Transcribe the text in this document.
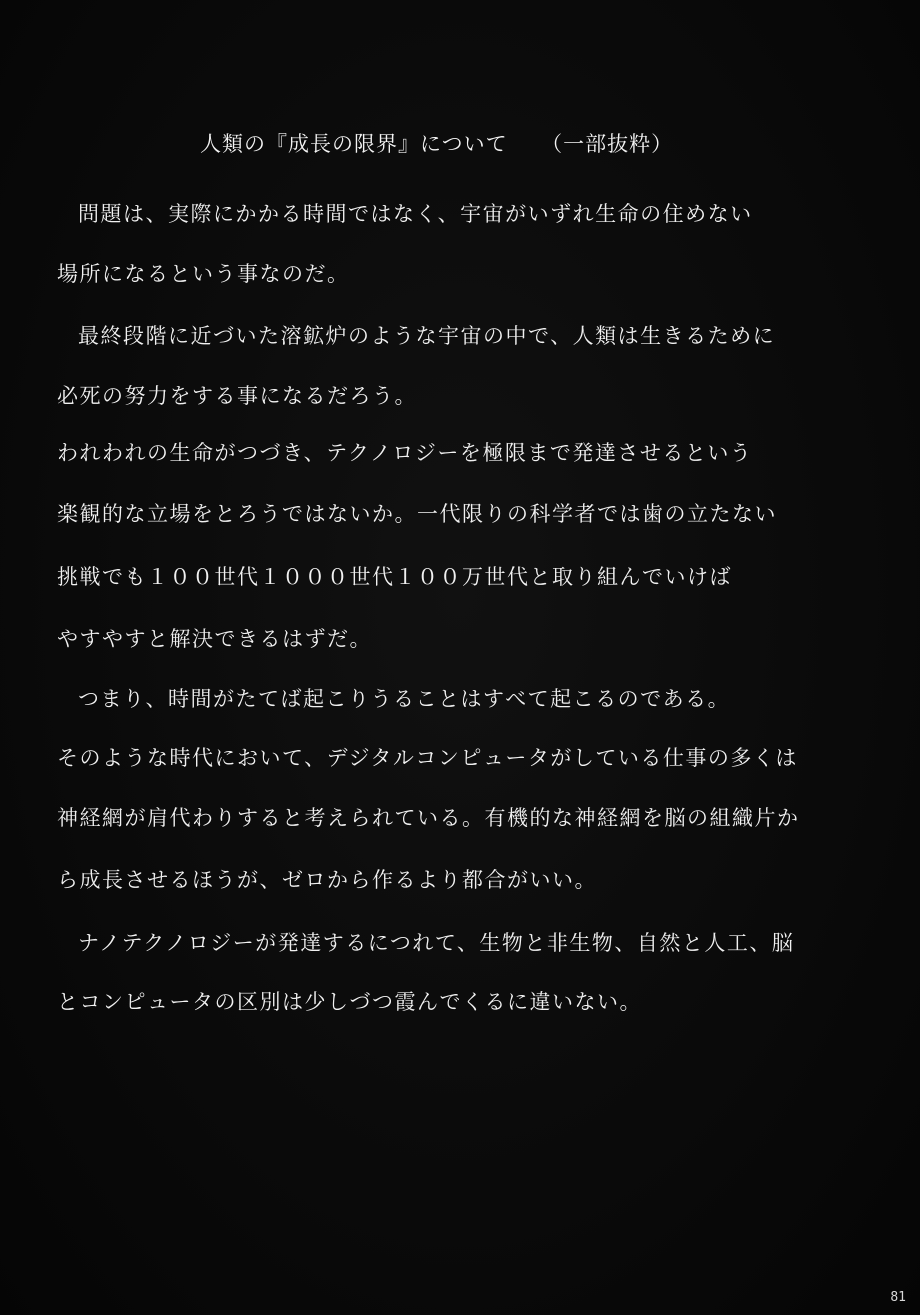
人類の『成長の限界』について　　（一部抜粋）
問題は、実際にかかる時間ではなく、宇宙がいずれ生命の住めない
場所になるという事なのだ。
最終段階に近づいた溶鉱炉のような宇宙の中で、人類は生きるために
必死の努力をする事になるだろう。
われわれの生命がつづき、テクノロジーを極限まで発達させるという
楽観的な立場をとろうではないか。一代限りの科学者では歯の立たない
挑戦でも１００世代１０００世代１００万世代と取り組んでいけば
やすやすと解決できるはずだ。
つまり、時間がたてば起こりうることはすべて起こるのである。
そのような時代において、デジタルコンピュータがしている仕事の多くは
神経網が肩代わりすると考えられている。有機的な神経網を脳の組織片か
ら成長させるほうが、ゼロから作るより都合がいい。
ナノテクノロジーが発達するにつれて、生物と非生物、自然と人工、脳
とコンピュータの区別は少しづつ霞んでくるに違いない。
81
